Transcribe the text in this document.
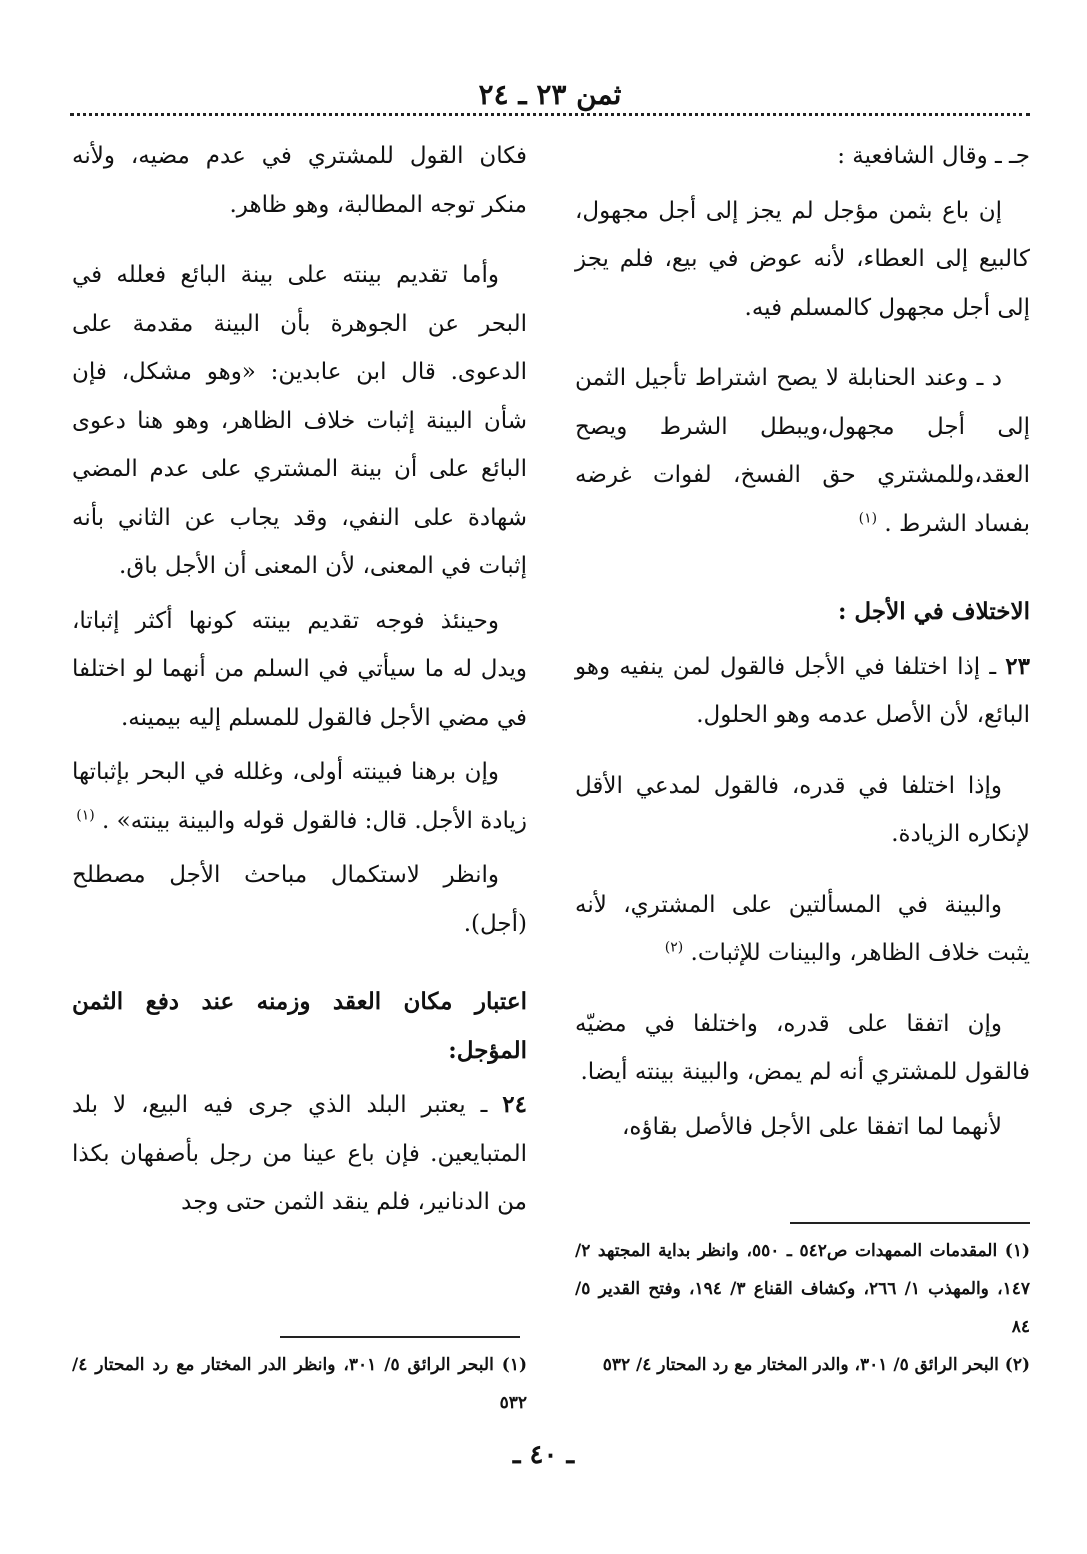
ثمن ٢٣ ـ ٢٤

جـ ـ وقال الشافعية :

إن باع بثمن مؤجل لم يجز إلى أجل مجهول، كالبيع إلى العطاء، لأنه عوض في بيع، فلم يجز إلى أجل مجهول كالمسلم فيه.

د ـ وعند الحنابلة لا يصح اشتراط تأجيل الثمن إلى أجل مجهول،ويبطل الشرط ويصح العقد،وللمشتري حق الفسخ، لفوات غرضه بفساد الشرط . $^{(١)}$

الاختلاف في الأجل :

٢٣ ـ إذا اختلفا في الأجل فالقول لمن ينفيه وهو البائع، لأن الأصل عدمه وهو الحلول.

وإذا اختلفا في قدره، فالقول لمدعي الأقل لإنكاره الزيادة.

والبينة في المسألتين على المشتري، لأنه يثبت خلاف الظاهر، والبينات للإثبات. $^{(٢)}$

وإن اتفقا على قدره، واختلفا في مضيّه فالقول للمشتري أنه لم يمض، والبينة بينته أيضا.

لأنهما لما اتفقا على الأجل فالأصل بقاؤه،

فكان القول للمشتري في عدم مضيه، ولأنه منكر توجه المطالبة، وهو ظاهر.

وأما تقديم بينته على بينة البائع فعلله في البحر عن الجوهرة بأن البينة مقدمة على الدعوى. قال ابن عابدين: «وهو مشكل، فإن شأن البينة إثبات خلاف الظاهر، وهو هنا دعوى البائع على أن بينة المشتري على عدم المضي شهادة على النفي، وقد يجاب عن الثاني بأنه إثبات في المعنى، لأن المعنى أن الأجل باق.

وحينئذ فوجه تقديم بينته كونها أكثر إثباتا، ويدل له ما سيأتي في السلم من أنهما لو اختلفا في مضي الأجل فالقول للمسلم إليه بيمينه.

وإن برهنا فبينته أولى، وغلله في البحر بإثباتها زيادة الأجل. قال: فالقول قوله والبينة بينته» . $^{(١)}$

وانظر لاستكمال مباحث الأجل مصطلح (أجل).

اعتبار مكان العقد وزمنه عند دفع الثمن المؤجل:

٢٤ ـ يعتبر البلد الذي جرى فيه البيع، لا بلد المتبايعين. فإن باع عينا من رجل بأصفهان بكذا من الدنانير، فلم ينقد الثمن حتى وجد

(١) المقدمات الممهدات ص٥٤٢ ـ ٥٥٠، وانظر بداية المجتهد ٢/ ١٤٧، والمهذب ١/ ٢٦٦، وكشاف القناع ٣/ ١٩٤، وفتح القدير ٥/ ٨٤

(٢) البحر الرائق ٥/ ٣٠١، والدر المختار مع رد المحتار ٤/ ٥٣٢

(١) البحر الرائق ٥/ ٣٠١، وانظر الدر المختار مع رد المحتار ٤/ ٥٣٢

ـ ٤٠ ـ
